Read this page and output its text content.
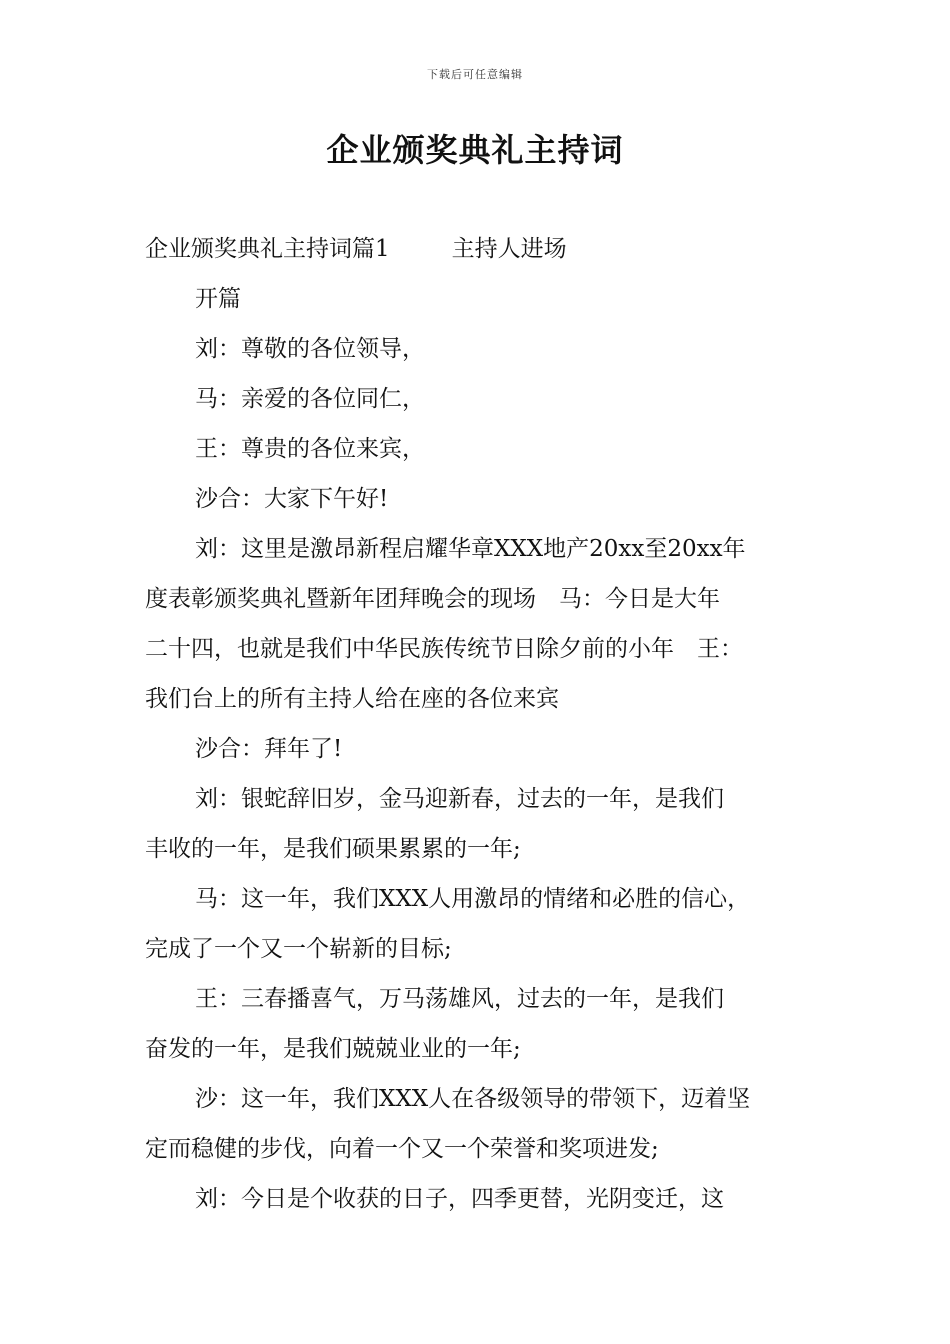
下载后可任意编辑
企业颁奖典礼主持词
企业颁奖典礼主持词篇1	主持人进场
开篇
刘：尊敬的各位领导，
马：亲爱的各位同仁，
王：尊贵的各位来宾，
沙合：大家下午好!
刘：这里是激昂新程启耀华章XXX地产20xx至20xx年
度表彰颁奖典礼暨新年团拜晚会的现场　马：今日是大年
二十四，也就是我们中华民族传统节日除夕前的小年　王：
我们台上的所有主持人给在座的各位来宾
沙合：拜年了!
刘：银蛇辞旧岁，金马迎新春，过去的一年，是我们
丰收的一年，是我们硕果累累的一年;
马：这一年，我们XXX人用激昂的情绪和必胜的信心，
完成了一个又一个崭新的目标;
王：三春播喜气，万马荡雄风，过去的一年，是我们
奋发的一年，是我们兢兢业业的一年;
沙：这一年，我们XXX人在各级领导的带领下，迈着坚
定而稳健的步伐，向着一个又一个荣誉和奖项进发;
刘：今日是个收获的日子，四季更替，光阴变迁，这
